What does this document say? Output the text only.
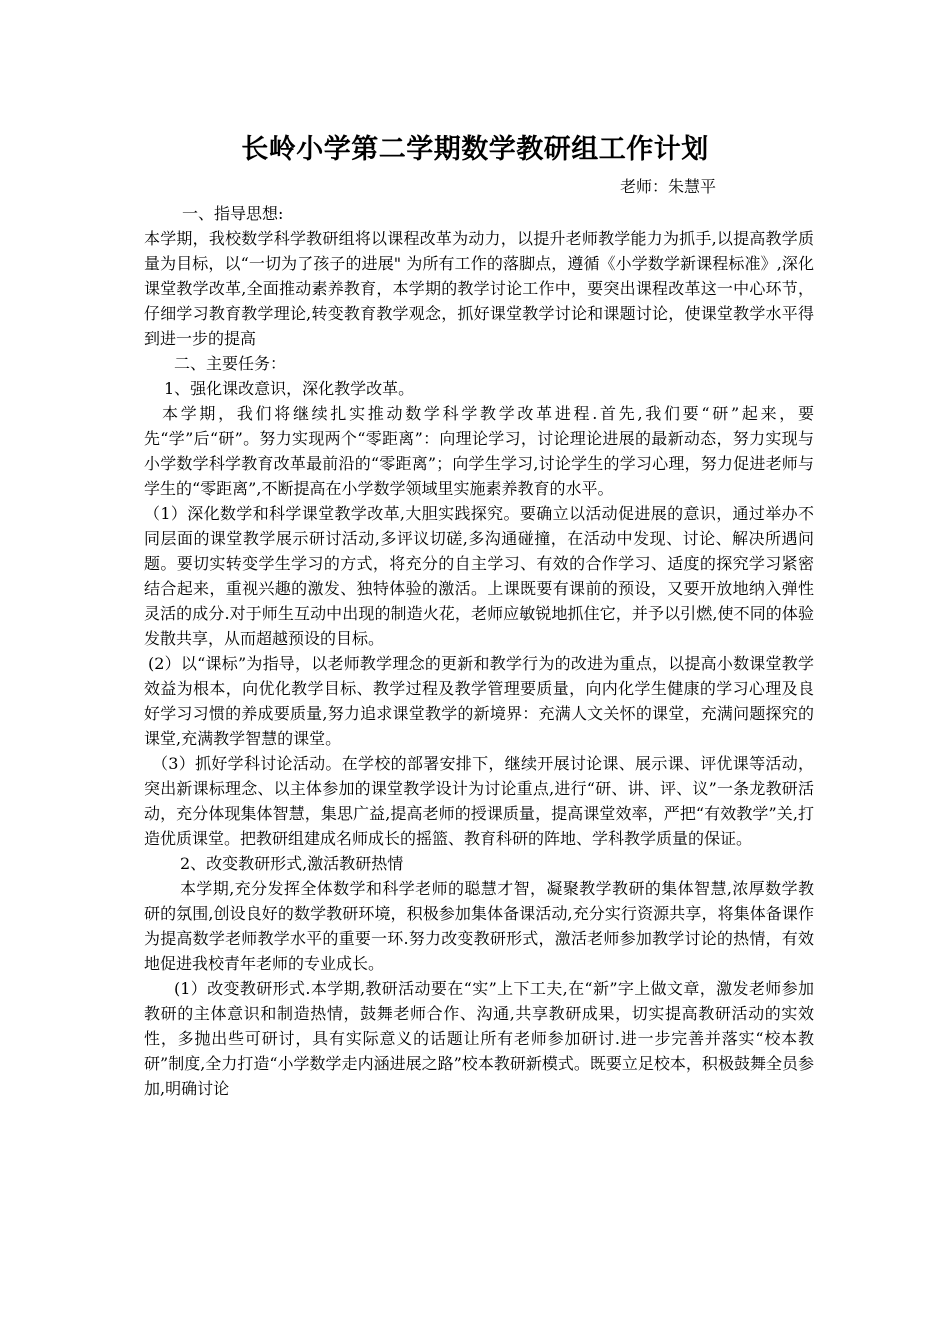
长岭小学第二学期数学教研组工作计划
老师：朱慧平

一、指导思想:

本学期，我校数学科学教研组将以课程改革为动力，以提升老师教学能力为抓手,以提高教学质量为目标，以“一切为了孩子的进展" 为所有工作的落脚点，遵循《小学数学新课程标准》,深化课堂教学改革,全面推动素养教育，本学期的教学讨论工作中，要突出课程改革这一中心环节，仔细学习教育教学理论,转变教育教学观念，抓好课堂教学讨论和课题讨论，使课堂教学水平得到进一步的提高

二、主要任务：

1、强化课改意识，深化教学改革。

本学期，我们将继续扎实推动数学科学教学改革进程.首先,我们要“研”起来，要先“学”后“研”。努力实现两个“零距离”：向理论学习，讨论理论进展的最新动态，努力实现与小学数学科学教育改革最前沿的“零距离”；向学生学习,讨论学生的学习心理，努力促进老师与学生的“零距离”,不断提高在小学数学领域里实施素养教育的水平。

（1）深化数学和科学课堂教学改革,大胆实践探究。要确立以活动促进展的意识，通过举办不同层面的课堂教学展示研讨活动,多评议切磋,多沟通碰撞，在活动中发现、讨论、解决所遇问题。要切实转变学生学习的方式，将充分的自主学习、有效的合作学习、适度的探究学习紧密结合起来，重视兴趣的激发、独特体验的激活。上课既要有课前的预设，又要开放地纳入弹性灵活的成分.对于师生互动中出现的制造火花，老师应敏锐地抓住它，并予以引燃,使不同的体验发散共享，从而超越预设的目标。

(2）以“课标”为指导，以老师教学理念的更新和教学行为的改进为重点，以提高小数课堂教学效益为根本，向优化教学目标、教学过程及教学管理要质量，向内化学生健康的学习心理及良好学习习惯的养成要质量,努力追求课堂教学的新境界：充满人文关怀的课堂，充满问题探究的课堂,充满教学智慧的课堂。

（3）抓好学科讨论活动。在学校的部署安排下，继续开展讨论课、展示课、评优课等活动，突出新课标理念、以主体参加的课堂教学设计为讨论重点,进行“研、讲、评、议”一条龙教研活动，充分体现集体智慧，集思广益,提高老师的授课质量，提高课堂效率，严把“有效教学”关,打造优质课堂。把教研组建成名师成长的摇篮、教育科研的阵地、学科教学质量的保证。

2、改变教研形式,激活教研热情

本学期,充分发挥全体数学和科学老师的聪慧才智，凝聚教学教研的集体智慧,浓厚数学教研的氛围,创设良好的数学教研环境，积极参加集体备课活动,充分实行资源共享，将集体备课作为提高数学老师教学水平的重要一环.努力改变教研形式，激活老师参加教学讨论的热情，有效地促进我校青年老师的专业成长。

(1）改变教研形式.本学期,教研活动要在“实”上下工夫,在“新”字上做文章，激发老师参加教研的主体意识和制造热情，鼓舞老师合作、沟通,共享教研成果，切实提高教研活动的实效性，多抛出些可研讨，具有实际意义的话题让所有老师参加研讨.进一步完善并落实“校本教研”制度,全力打造“小学数学走内涵进展之路”校本教研新模式。既要立足校本，积极鼓舞全员参加,明确讨论
